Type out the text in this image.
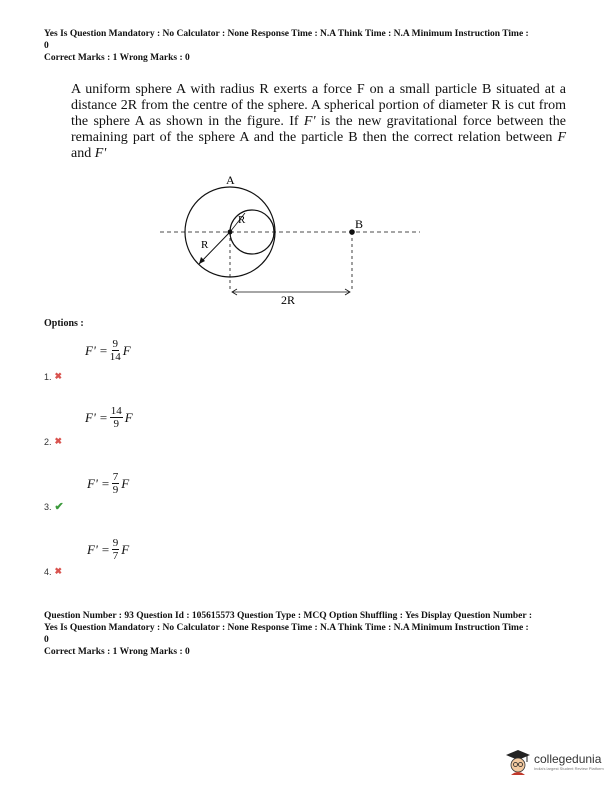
Yes Is Question Mandatory : No Calculator : None Response Time : N.A Think Time : N.A Minimum Instruction Time :

0

Correct Marks : 1 Wrong Marks : 0

A uniform sphere A with radius R exerts a force F on a small particle B situated at a distance 2R from the centre of the sphere. A spherical portion of diameter R is cut from the sphere A as shown in the figure. If F' is the new gravitational force between the remaining part of the sphere A and the particle B then the correct relation between F and F'

A
R
R
B
2R
Options :
$F' = \frac{9}{14}$ F
1. ✖
$F' = \frac{14}{9}$ F
2. ✖
$F' = \frac{7}{9}$ F
3. ✔
$F' = \frac{9}{7}$ F
4. ✖

Question Number : 93 Question Id : 105615573 Question Type : MCQ Option Shuffling : Yes Display Question Number :

Yes Is Question Mandatory : No Calculator : None Response Time : N.A Think Time : N.A Minimum Instruction Time :

0

Correct Marks : 1 Wrong Marks : 0

collegedunia
India's largest Student Review Platform
